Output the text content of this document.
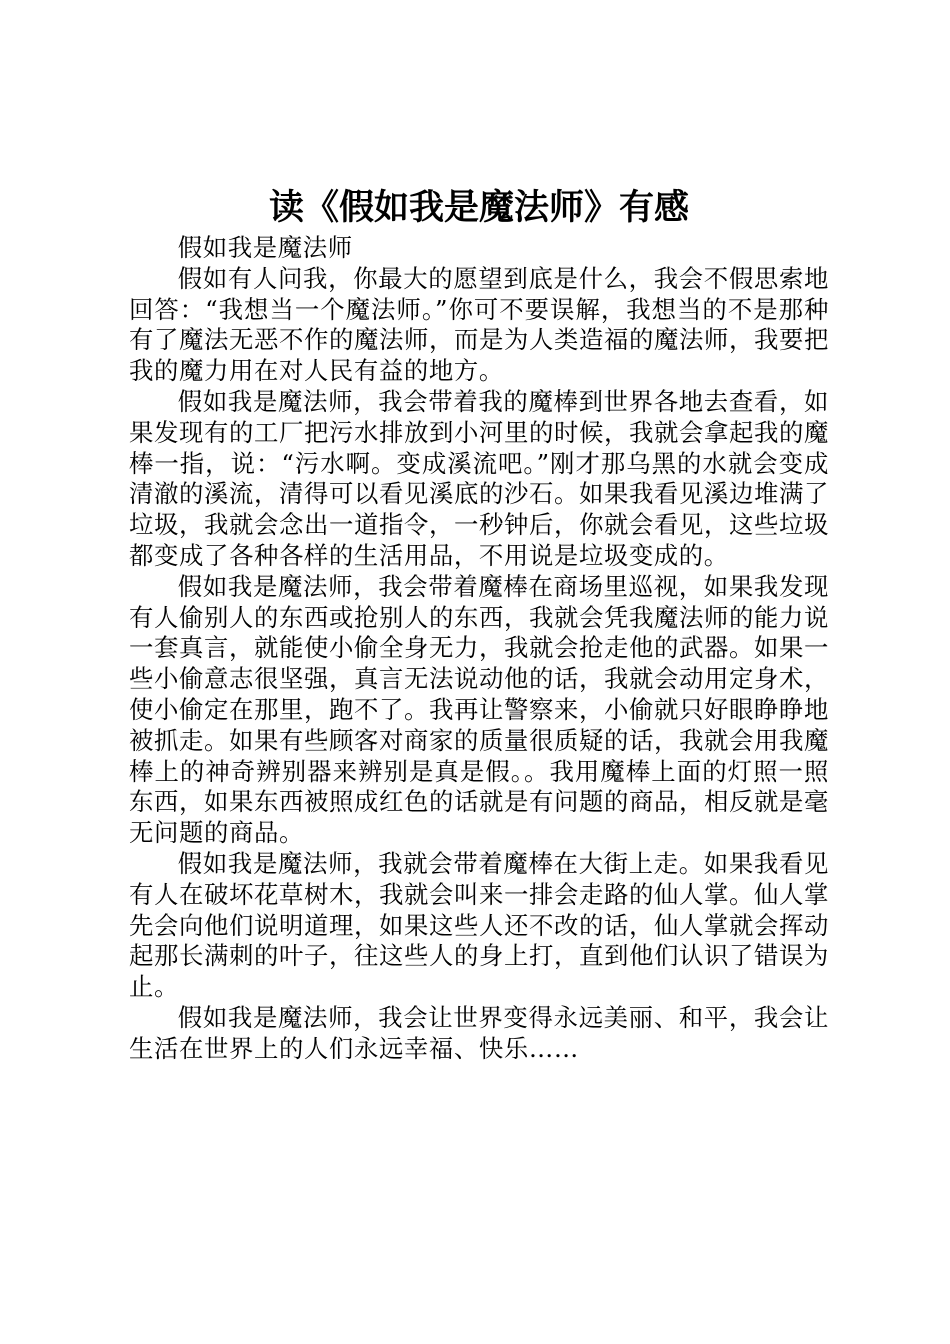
读《假如我是魔法师》有感

假如我是魔法师

假如有人问我，你最大的愿望到底是什么，我会不假思索地回答：“我想当一个魔法师。”你可不要误解，我想当的不是那种有了魔法无恶不作的魔法师，而是为人类造福的魔法师，我要把我的魔力用在对人民有益的地方。

假如我是魔法师，我会带着我的魔棒到世界各地去查看，如果发现有的工厂把污水排放到小河里的时候，我就会拿起我的魔棒一指，说：“污水啊。变成溪流吧。”刚才那乌黑的水就会变成清澈的溪流，清得可以看见溪底的沙石。如果我看见溪边堆满了垃圾，我就会念出一道指令，一秒钟后，你就会看见，这些垃圾都变成了各种各样的生活用品，不用说是垃圾变成的。

假如我是魔法师，我会带着魔棒在商场里巡视，如果我发现有人偷别人的东西或抢别人的东西，我就会凭我魔法师的能力说一套真言，就能使小偷全身无力，我就会抢走他的武器。如果一些小偷意志很坚强，真言无法说动他的话，我就会动用定身术，使小偷定在那里，跑不了。我再让警察来，小偷就只好眼睁睁地被抓走。如果有些顾客对商家的质量很质疑的话，我就会用我魔棒上的神奇辨别器来辨别是真是假。。我用魔棒上面的灯照一照东西，如果东西被照成红色的话就是有问题的商品，相反就是毫无问题的商品。

假如我是魔法师，我就会带着魔棒在大街上走。如果我看见有人在破坏花草树木，我就会叫来一排会走路的仙人掌。仙人掌先会向他们说明道理，如果这些人还不改的话，仙人掌就会挥动起那长满刺的叶子，往这些人的身上打，直到他们认识了错误为止。

假如我是魔法师，我会让世界变得永远美丽、和平，我会让生活在世界上的人们永远幸福、快乐……
